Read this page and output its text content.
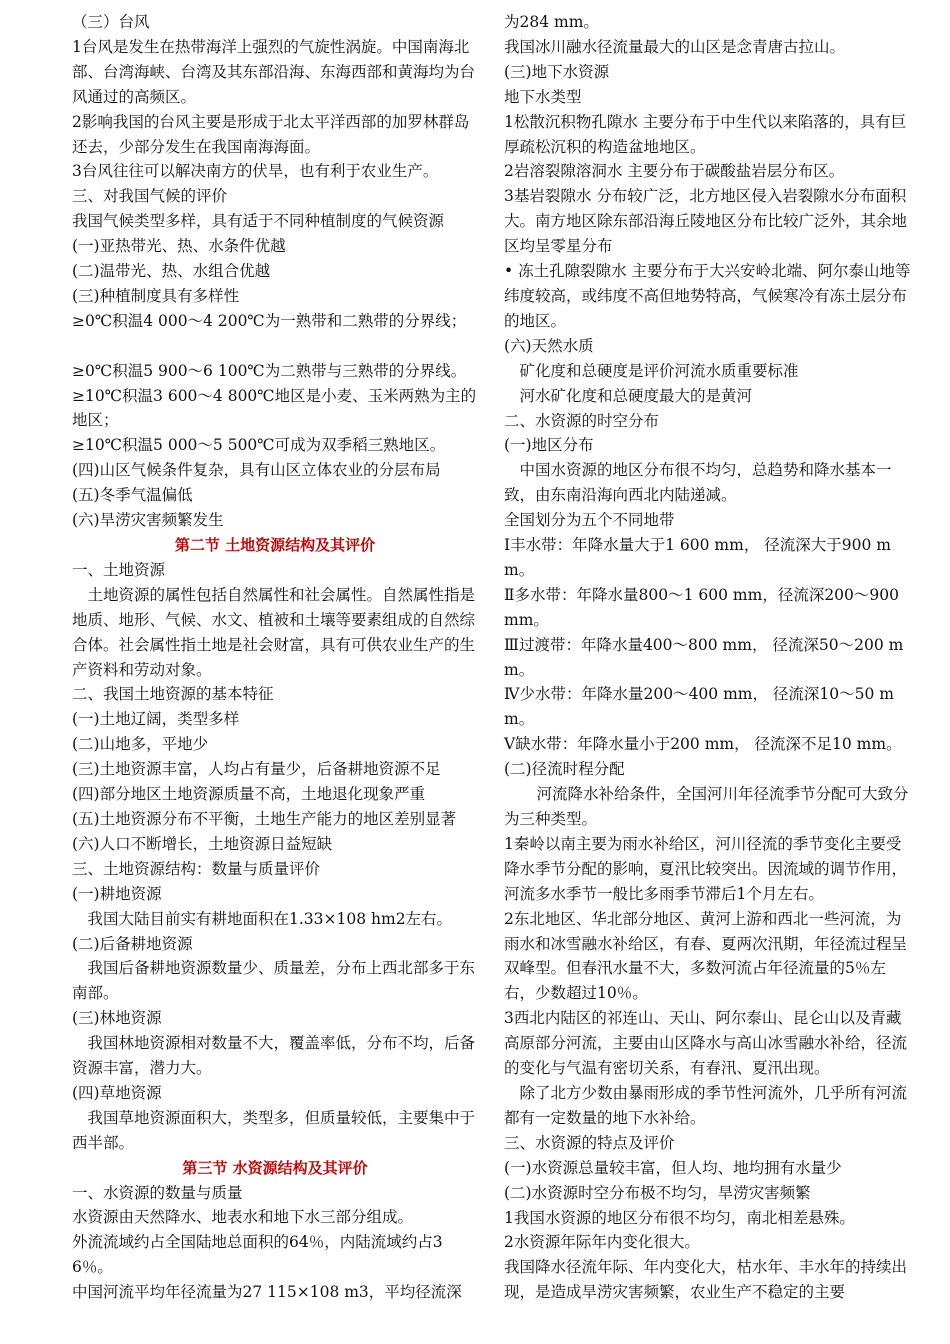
（三）台风

1台风是发生在热带海洋上强烈的气旋性涡旋。中国南海北部、台湾海峡、台湾及其东部沿海、东海西部和黄海均为台风通过的高频区。

2影响我国的台风主要是形成于北太平洋西部的加罗林群岛还去，少部分发生在我国南海海面。

3台风往往可以解决南方的伏旱，也有利于农业生产。

三、对我国气候的评价

我国气候类型多样，具有适于不同种植制度的气候资源

(一)亚热带光、热、水条件优越

(二)温带光、热、水组合优越

(三)种植制度具有多样性

≥0℃积温4 000～4 200℃为一熟带和二熟带的分界线；

≥0℃积温5 900～6 100℃为二熟带与三熟带的分界线。

≥10℃积温3 600～4 800℃地区是小麦、玉米两熟为主的地区；

≥10℃积温5 000～5 500℃可成为双季稻三熟地区。

(四)山区气候条件复杂，具有山区立体农业的分层布局

(五)冬季气温偏低

(六)旱涝灾害频繁发生

第二节 土地资源结构及其评价

一、土地资源

土地资源的属性包括自然属性和社会属性。自然属性指是地质、地形、气候、水文、植被和土壤等要素组成的自然综合体。社会属性指土地是社会财富，具有可供农业生产的生产资料和劳动对象。

二、我国土地资源的基本特征

(一)土地辽阔，类型多样

(二)山地多，平地少

(三)土地资源丰富，人均占有量少，后备耕地资源不足

(四)部分地区土地资源质量不高，土地退化现象严重

(五)土地资源分布不平衡，土地生产能力的地区差别显著

(六)人口不断增长，土地资源日益短缺

三、土地资源结构：数量与质量评价

(一)耕地资源

我国大陆目前实有耕地面积在1.33×108 hm2左右。

(二)后备耕地资源

我国后备耕地资源数量少、质量差，分布上西北部多于东南部。

(三)林地资源

我国林地资源相对数量不大，覆盖率低，分布不均，后备资源丰富，潜力大。

(四)草地资源

我国草地资源面积大，类型多，但质量较低，主要集中于西半部。

第三节 水资源结构及其评价

一、水资源的数量与质量

水资源由天然降水、地表水和地下水三部分组成。

外流流域约占全国陆地总面积的64％，内陆流域约占36％。

中国河流平均年径流量为27 115×108 m3，平均径流深

为284 mm。

我国冰川融水径流量最大的山区是念青唐古拉山。

(三)地下水资源

地下水类型

1松散沉积物孔隙水 主要分布于中生代以来陷落的，具有巨厚疏松沉积的构造盆地地区。

2岩溶裂隙溶洞水 主要分布于碳酸盐岩层分布区。

3基岩裂隙水 分布较广泛，北方地区侵入岩裂隙水分布面积大。南方地区除东部沿海丘陵地区分布比较广泛外，其余地区均呈零星分布

• 冻土孔隙裂隙水 主要分布于大兴安岭北端、阿尔泰山地等纬度较高，或纬度不高但地势特高，气候寒冷有冻土层分布的地区。

(六)天然水质

矿化度和总硬度是评价河流水质重要标准

河水矿化度和总硬度最大的是黄河

二、水资源的时空分布

(一)地区分布

中国水资源的地区分布很不均匀，总趋势和降水基本一致，由东南沿海向西北内陆递减。

全国划分为五个不同地带

Ⅰ丰水带：年降水量大于1 600 mm， 径流深大于900 mm。

Ⅱ多水带：年降水量800～1 600 mm，径流深200～900 mm。

Ⅲ过渡带：年降水量400～800 mm， 径流深50～200 mm。

Ⅳ少水带：年降水量200～400 mm， 径流深10～50 mm。

Ⅴ缺水带：年降水量小于200 mm， 径流深不足10 mm。

(二)径流时程分配

河流降水补给条件，全国河川年径流季节分配可大致分为三种类型。

1秦岭以南主要为雨水补给区，河川径流的季节变化主要受降水季节分配的影响，夏汛比较突出。因流域的调节作用，河流多水季节一般比多雨季节滞后1个月左右。

2东北地区、华北部分地区、黄河上游和西北一些河流，为雨水和冰雪融水补给区，有春、夏两次汛期，年径流过程呈双峰型。但春汛水量不大，多数河流占年径流量的5％左右，少数超过10％。

3西北内陆区的祁连山、天山、阿尔泰山、昆仑山以及青藏高原部分河流，主要由山区降水与高山冰雪融水补给，径流的变化与气温有密切关系，有春汛、夏汛出现。

除了北方少数由暴雨形成的季节性河流外，几乎所有河流都有一定数量的地下水补给。

三、水资源的特点及评价

(一)水资源总量较丰富，但人均、地均拥有水量少

(二)水资源时空分布极不均匀，旱涝灾害频繁

1我国水资源的地区分布很不均匀，南北相差悬殊。

2水资源年际年内变化很大。

我国降水径流年际、年内变化大，枯水年、丰水年的持续出现，是造成旱涝灾害频繁，农业生产不稳定的主要
